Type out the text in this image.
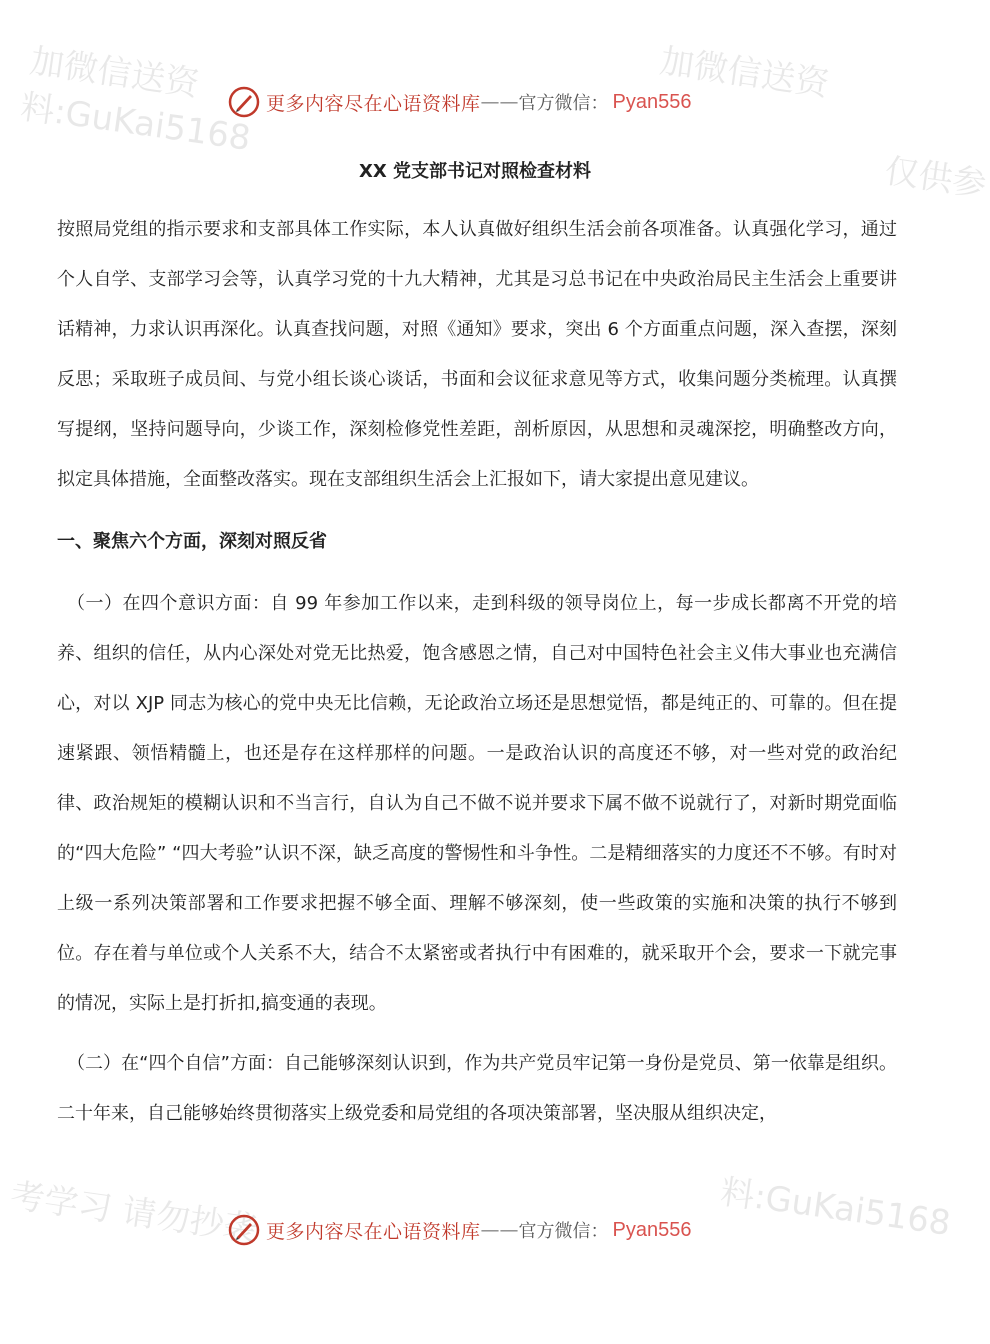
加微信送资
料:GuKai5168
加微信送资
考学习 请勿抄袭	料:GuKai5168
仅供参
更多内容尽在心语资料库 —— 官方微信： Pyan556
XX 党支部书记对照检查材料

按照局党组的指示要求和支部具体工作实际，本人认真做好组织生活会前各项准备。认真强化学习，通过个人自学、支部学习会等，认真学习党的十九大精神，尤其是习总书记在中央政治局民主生活会上重要讲话精神，力求认识再深化。认真查找问题，对照《通知》要求，突出 6 个方面重点问题，深入查摆，深刻反思；采取班子成员间、与党小组长谈心谈话，书面和会议征求意见等方式，收集问题分类梳理。认真撰写提纲，坚持问题导向，少谈工作，深刻检修党性差距，剖析原因，从思想和灵魂深挖，明确整改方向，拟定具体措施，全面整改落实。现在支部组织生活会上汇报如下，请大家提出意见建议。

一、聚焦六个方面，深刻对照反省

（一）在四个意识方面：自 99 年参加工作以来，走到科级的领导岗位上，每一步成长都离不开党的培养、组织的信任，从内心深处对党无比热爱，饱含感恩之情，自己对中国特色社会主义伟大事业也充满信心，对以 XJP 同志为核心的党中央无比信赖，无论政治立场还是思想觉悟，都是纯正的、可靠的。但在提速紧跟、领悟精髓上，也还是存在这样那样的问题。一是政治认识的高度还不够，对一些对党的政治纪律、政治规矩的模糊认识和不当言行，自认为自己不做不说并要求下属不做不说就行了，对新时期党面临的“四大危险” “四大考验”认识不深，缺乏高度的警惕性和斗争性。二是精细落实的力度还不不够。有时对上级一系列决策部署和工作要求把握不够全面、理解不够深刻，使一些政策的实施和决策的执行不够到位。存在着与单位或个人关系不大，结合不太紧密或者执行中有困难的，就采取开个会，要求一下就完事的情况，实际上是打折扣,搞变通的表现。

（二）在“四个自信”方面：自己能够深刻认识到，作为共产党员牢记第一身份是党员、第一依靠是组织。二十年来，自己能够始终贯彻落实上级党委和局党组的各项决策部署，坚决服从组织决定，

更多内容尽在心语资料库 —— 官方微信： Pyan556
